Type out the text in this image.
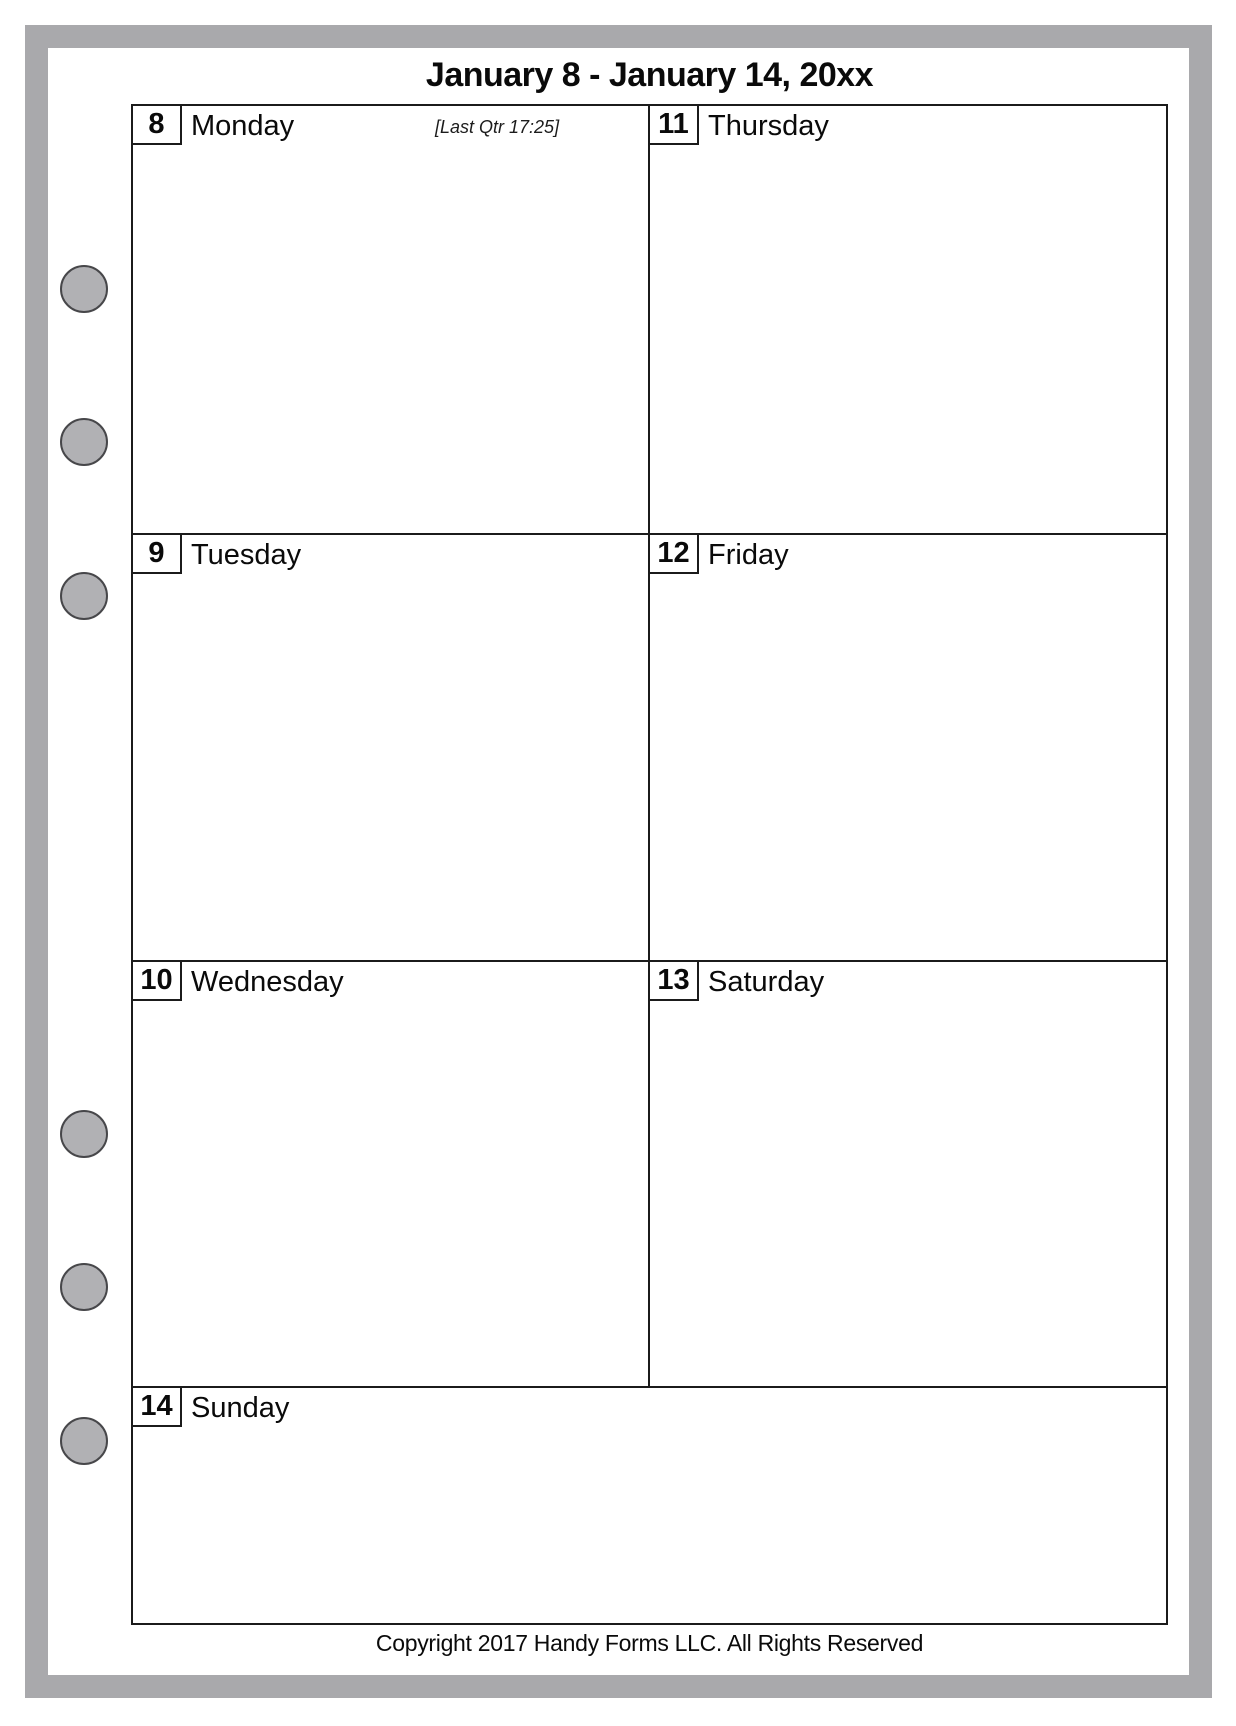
January 8 - January 14, 20xx
8 Monday	[Last Qtr 17:25]	11 Thursday
9 Tuesday	12 Friday
10 Wednesday	13 Saturday
14 Sunday
Copyright 2017 Handy Forms LLC. All Rights Reserved
